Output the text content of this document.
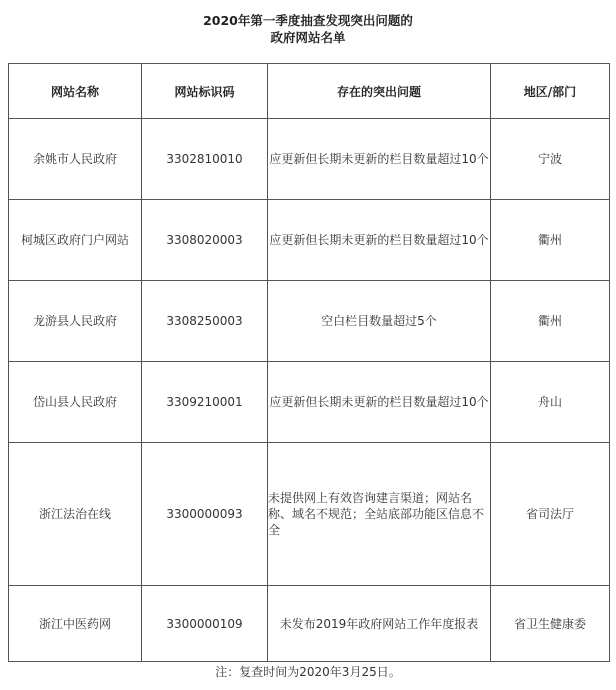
2020年第一季度抽查发现突出问题的
政府网站名单
网站名称	网站标识码	存在的突出问题	地区/部门
余姚市人民政府	3302810010	应更新但长期未更新的栏目数量超过10个	宁波
柯城区政府门户网站	3308020003	应更新但长期未更新的栏目数量超过10个	衢州
龙游县人民政府	3308250003	空白栏目数量超过5个	衢州
岱山县人民政府	3309210001	应更新但长期未更新的栏目数量超过10个	舟山
浙江法治在线	3300000093	未提供网上有效咨询建言渠道；网站名称、域名不规范；全站底部功能区信息不全	省司法厅
浙江中医药网	3300000109	未发布2019年政府网站工作年度报表	省卫生健康委
注：复查时间为2020年3月25日。
